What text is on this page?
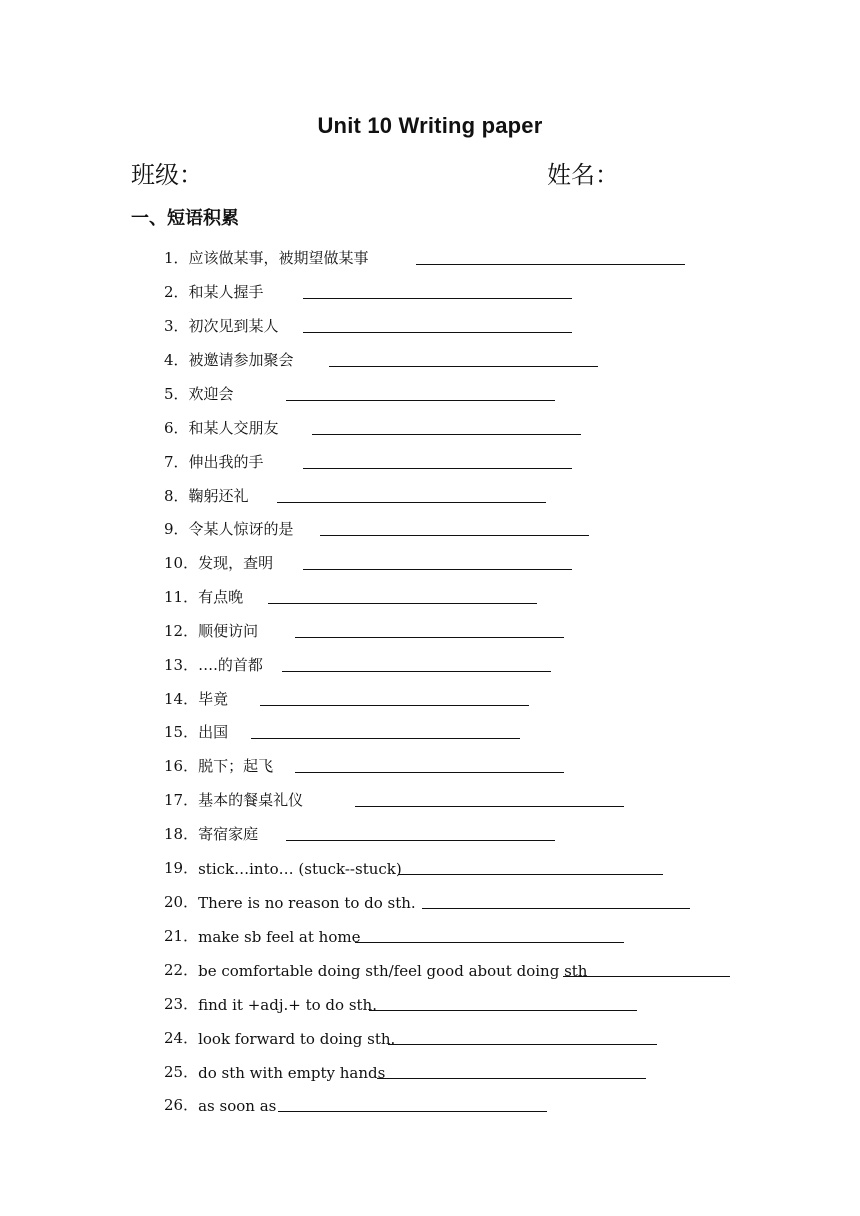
Unit 10 Writing paper
班级：	姓名：
一、短语积累
1． 应该做某事，被期望做某事
2． 和某人握手
3． 初次见到某人
4． 被邀请参加聚会
5． 欢迎会
6． 和某人交朋友
7． 伸出我的手
8． 鞠躬还礼
9． 令某人惊讶的是
10． 发现，查明
11． 有点晚
12． 顺便访问
13． ….的首都
14． 毕竟
15． 出国
16． 脱下；起飞
17． 基本的餐桌礼仪
18． 寄宿家庭
19． stick…into… (stuck--stuck)
20． There is no reason to do sth.
21． make sb feel at home
22． be comfortable doing sth/feel good about doing sth
23． find it +adj.+ to do sth.
24． look forward to doing sth.
25． do sth with empty hands
26． as soon as
